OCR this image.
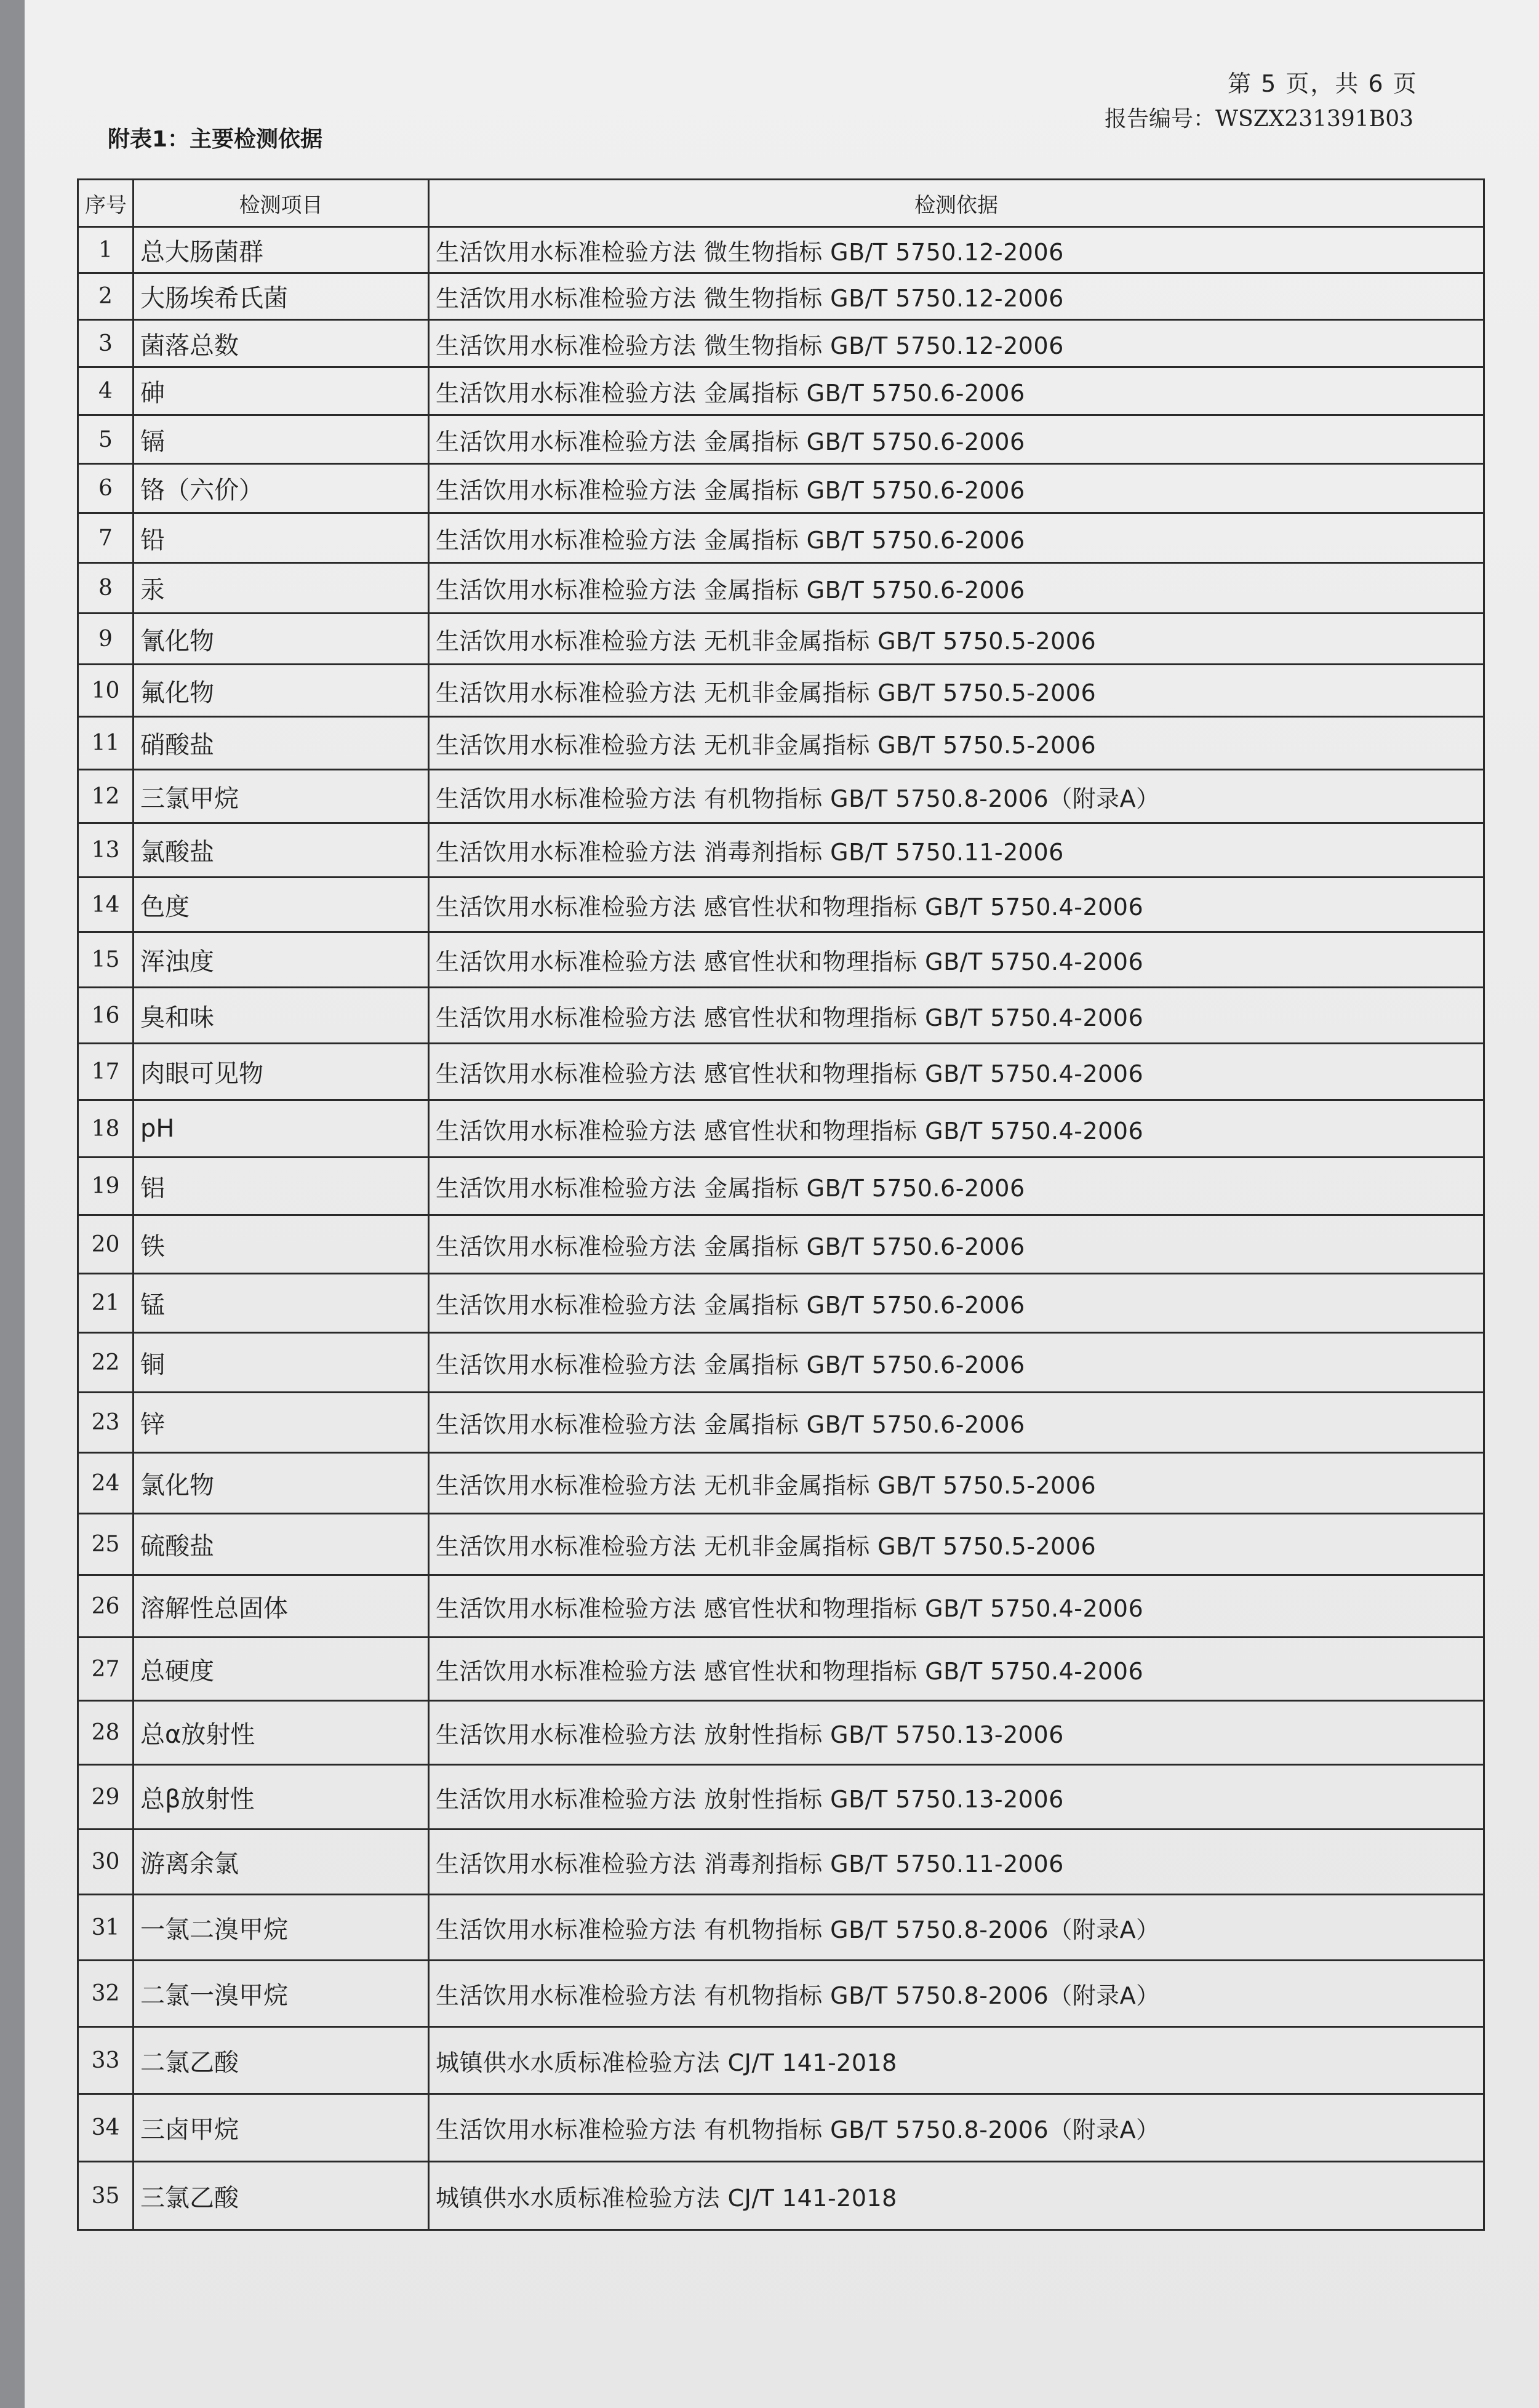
第 5 页，共 6 页
报告编号：WSZX231391B03
附表1：主要检测依据
序号	检测项目	检测依据
1	总大肠菌群	生活饮用水标准检验方法 微生物指标 GB/T 5750.12-2006
2	大肠埃希氏菌	生活饮用水标准检验方法 微生物指标 GB/T 5750.12-2006
3	菌落总数	生活饮用水标准检验方法 微生物指标 GB/T 5750.12-2006
4	砷	生活饮用水标准检验方法 金属指标 GB/T 5750.6-2006
5	镉	生活饮用水标准检验方法 金属指标 GB/T 5750.6-2006
6	铬（六价）	生活饮用水标准检验方法 金属指标 GB/T 5750.6-2006
7	铅	生活饮用水标准检验方法 金属指标 GB/T 5750.6-2006
8	汞	生活饮用水标准检验方法 金属指标 GB/T 5750.6-2006
9	氰化物	生活饮用水标准检验方法 无机非金属指标 GB/T 5750.5-2006
10	氟化物	生活饮用水标准检验方法 无机非金属指标 GB/T 5750.5-2006
11	硝酸盐	生活饮用水标准检验方法 无机非金属指标 GB/T 5750.5-2006
12	三氯甲烷	生活饮用水标准检验方法 有机物指标 GB/T 5750.8-2006（附录A）
13	氯酸盐	生活饮用水标准检验方法 消毒剂指标 GB/T 5750.11-2006
14	色度	生活饮用水标准检验方法 感官性状和物理指标 GB/T 5750.4-2006
15	浑浊度	生活饮用水标准检验方法 感官性状和物理指标 GB/T 5750.4-2006
16	臭和味	生活饮用水标准检验方法 感官性状和物理指标 GB/T 5750.4-2006
17	肉眼可见物	生活饮用水标准检验方法 感官性状和物理指标 GB/T 5750.4-2006
18	pH	生活饮用水标准检验方法 感官性状和物理指标 GB/T 5750.4-2006
19	铝	生活饮用水标准检验方法 金属指标 GB/T 5750.6-2006
20	铁	生活饮用水标准检验方法 金属指标 GB/T 5750.6-2006
21	锰	生活饮用水标准检验方法 金属指标 GB/T 5750.6-2006
22	铜	生活饮用水标准检验方法 金属指标 GB/T 5750.6-2006
23	锌	生活饮用水标准检验方法 金属指标 GB/T 5750.6-2006
24	氯化物	生活饮用水标准检验方法 无机非金属指标 GB/T 5750.5-2006
25	硫酸盐	生活饮用水标准检验方法 无机非金属指标 GB/T 5750.5-2006
26	溶解性总固体	生活饮用水标准检验方法 感官性状和物理指标 GB/T 5750.4-2006
27	总硬度	生活饮用水标准检验方法 感官性状和物理指标 GB/T 5750.4-2006
28	总α放射性	生活饮用水标准检验方法 放射性指标 GB/T 5750.13-2006
29	总β放射性	生活饮用水标准检验方法 放射性指标 GB/T 5750.13-2006
30	游离余氯	生活饮用水标准检验方法 消毒剂指标 GB/T 5750.11-2006
31	一氯二溴甲烷	生活饮用水标准检验方法 有机物指标 GB/T 5750.8-2006（附录A）
32	二氯一溴甲烷	生活饮用水标准检验方法 有机物指标 GB/T 5750.8-2006（附录A）
33	二氯乙酸	城镇供水水质标准检验方法 CJ/T 141-2018
34	三卤甲烷	生活饮用水标准检验方法 有机物指标 GB/T 5750.8-2006（附录A）
35	三氯乙酸	城镇供水水质标准检验方法 CJ/T 141-2018
